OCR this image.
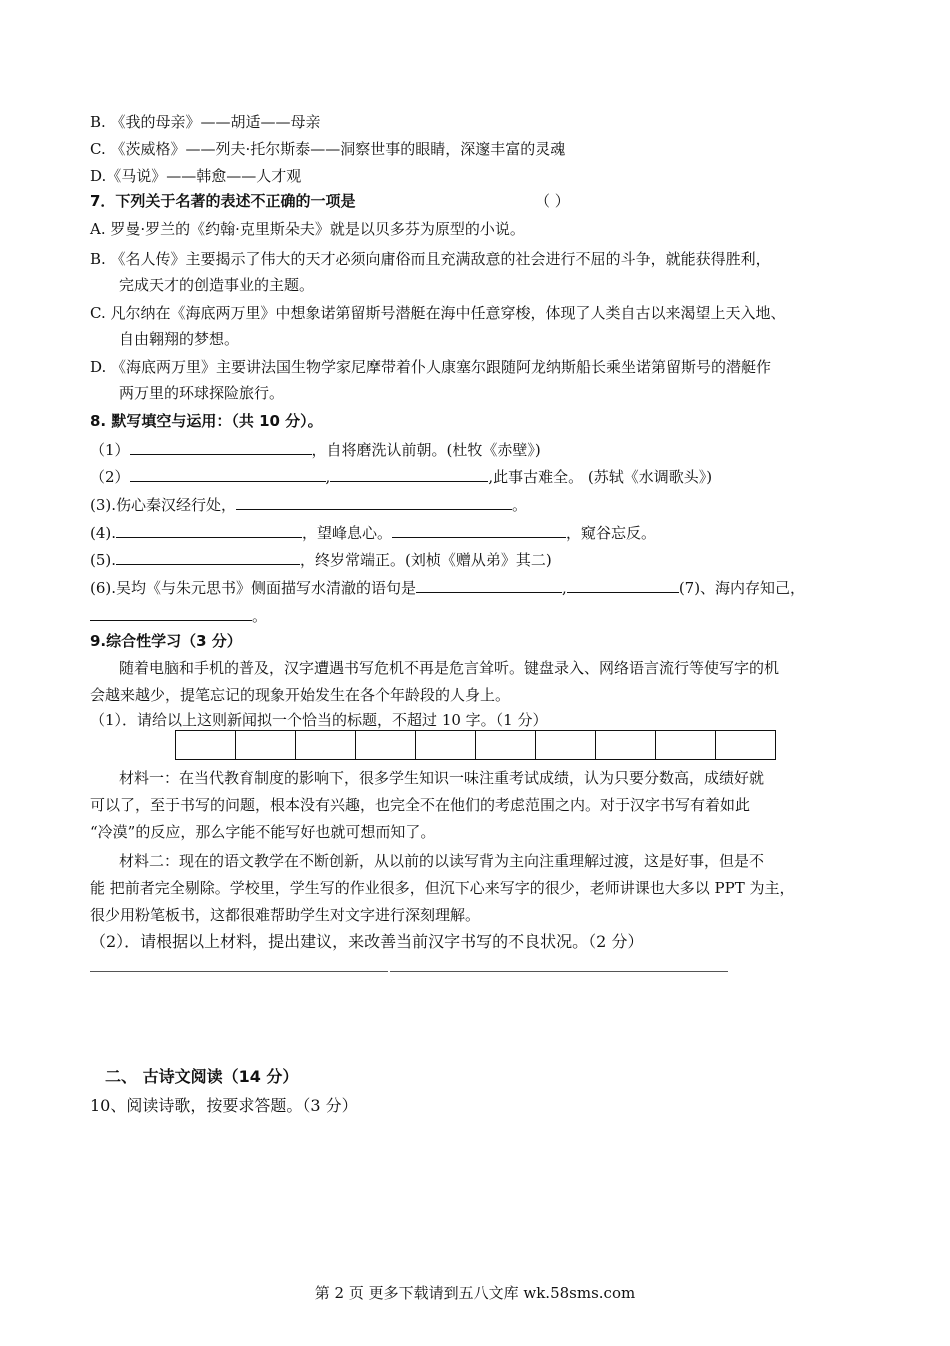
B. 《我的母亲》——胡适——母亲
C. 《茨威格》——列夫·托尔斯泰——洞察世事的眼睛，深邃丰富的灵魂
D.《马说》——韩愈——人才观
7．下列关于名著的表述不正确的一项是	（ ）
A. 罗曼·罗兰的《约翰·克里斯朵夫》就是以贝多芬为原型的小说。
B. 《名人传》主要揭示了伟大的天才必须向庸俗而且充满敌意的社会进行不屈的斗争，就能获得胜利，
完成天才的创造事业的主题。
C. 凡尔纳在《海底两万里》中想象诺第留斯号潜艇在海中任意穿梭，体现了人类自古以来渴望上天入地、
自由翱翔的梦想。
D. 《海底两万里》主要讲法国生物学家尼摩带着仆人康塞尔跟随阿龙纳斯船长乘坐诺第留斯号的潜艇作
两万里的环球探险旅行。
8. 默写填空与运用：（共 10 分）。
（1）	，自将磨洗认前朝。(杜牧《赤壁》)
（2）	,	,此事古难全。 (苏轼《水调歌头》)
(3).伤心秦汉经行处，	。
(4).	，望峰息心。	，窥谷忘反。
(5).	，终岁常端正。(刘桢《赠从弟》其二)
(6).吴均《与朱元思书》侧面描写水清澈的语句是	,	(7)、海内存知己，
。
9.综合性学习（3 分）
随着电脑和手机的普及，汉字遭遇书写危机不再是危言耸听。键盘录入、网络语言流行等使写字的机
会越来越少，提笔忘记的现象开始发生在各个年龄段的人身上。
（1）．请给以上这则新闻拟一个恰当的标题，不超过 10 字。（1 分）
材料一：在当代教育制度的影响下，很多学生知识一味注重考试成绩，认为只要分数高，成绩好就
可以了，至于书写的问题，根本没有兴趣，也完全不在他们的考虑范围之内。对于汉字书写有着如此
“冷漠”的反应，那么字能不能写好也就可想而知了。
材料二：现在的语文教学在不断创新，从以前的以读写背为主向注重理解过渡，这是好事，但是不
能 把前者完全剔除。学校里，学生写的作业很多，但沉下心来写字的很少，老师讲课也大多以 PPT 为主，
很少用粉笔板书，这都很难帮助学生对文字进行深刻理解。
（2）．请根据以上材料，提出建议，来改善当前汉字书写的不良状况。（2 分）
二、 古诗文阅读（14 分）
10、阅读诗歌，按要求答题。（3 分）
第 2 页 更多下载请到五八文库 wk.58sms.com
